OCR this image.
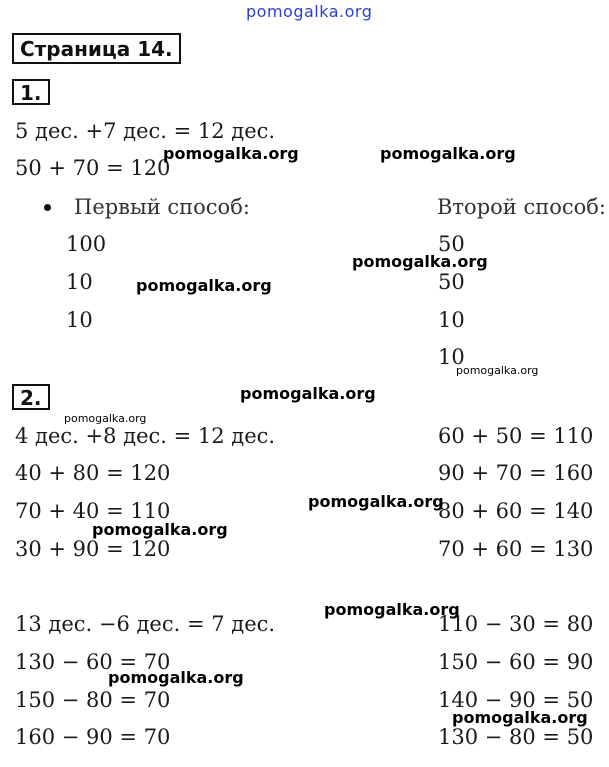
pomogalka.org
Страница 14.
1.
5 дес. +7 дес. = 12 дес.
50 + 70 = 120
Первый способ:	Второй способ:
100
10
10
50
50
10
10
2.
4 дес. +8 дес. = 12 дес.
40 + 80 = 120
70 + 40 = 110
30 + 90 = 120
60 + 50 = 110
90 + 70 = 160
80 + 60 = 140
70 + 60 = 130
13 дес. −6 дес. = 7 дес.
130 − 60 = 70
150 − 80 = 70
160 − 90 = 70
110 − 30 = 80
150 − 60 = 90
140 − 90 = 50
130 − 80 = 50
pomogalka.org	pomogalka.org
pomogalka.org
pomogalka.org
pomogalka.org
pomogalka.org
pomogalka.org
pomogalka.org
pomogalka.org
pomogalka.org
pomogalka.org
pomogalka.org
